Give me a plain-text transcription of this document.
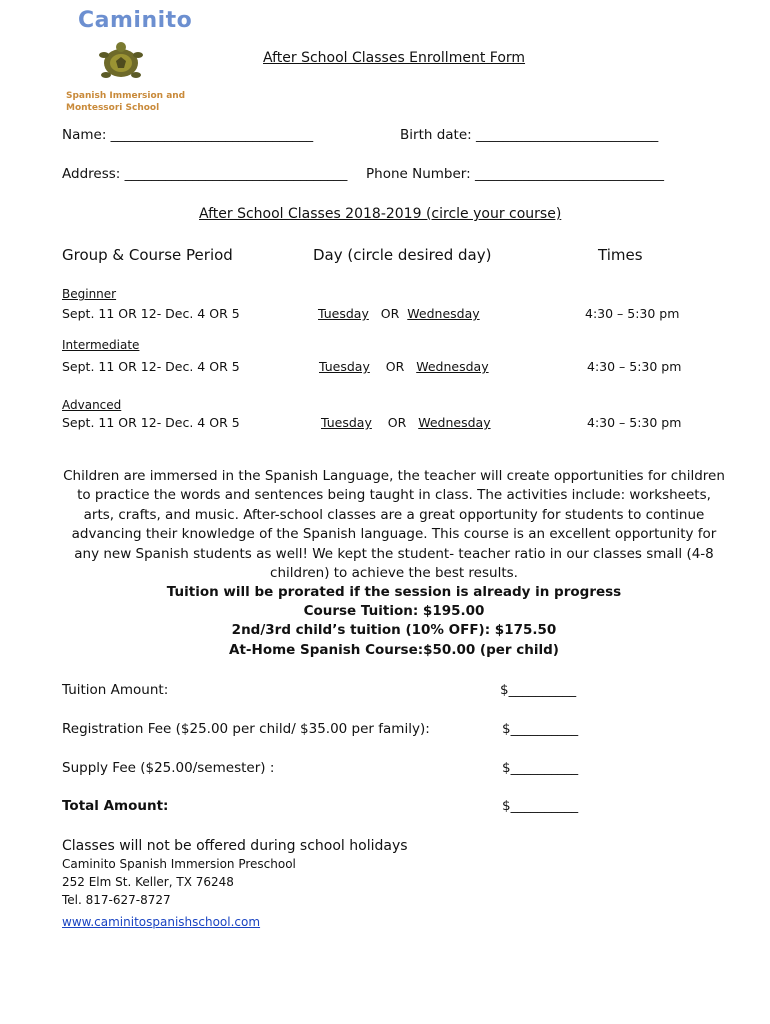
Caminito
Spanish Immersion and
Montessori School
After School Classes Enrollment Form
Name: ______________________________	Birth date: ___________________________
Address: _________________________________ Phone Number: ____________________________
After School Classes 2018-2019 (circle your course)
Group & Course Period	Day (circle desired day)	Times
Beginner
Sept. 11 OR 12- Dec. 4 OR 5	Tuesday OR Wednesday	4:30 – 5:30 pm
Intermediate
Sept. 11 OR 12- Dec. 4 OR 5	Tuesday OR Wednesday	4:30 – 5:30 pm
Advanced
Sept. 11 OR 12- Dec. 4 OR 5	Tuesday OR Wednesday	4:30 – 5:30 pm
Children are immersed in the Spanish Language, the teacher will create opportunities for children to practice the words and sentences being taught in class. The activities include: worksheets, arts, crafts, and music. After-school classes are a great opportunity for students to continue advancing their knowledge of the Spanish language. This course is an excellent opportunity for any new Spanish students as well! We kept the student- teacher ratio in our classes small (4-8 children) to achieve the best results.
Tuition will be prorated if the session is already in progress
Course Tuition: $195.00
2nd/3rd child’s tuition (10% OFF): $175.50
At-Home Spanish Course:$50.00 (per child)
Tuition Amount:	$__________
Registration Fee ($25.00 per child/ $35.00 per family):	$__________
Supply Fee ($25.00/semester) :	$__________
Total Amount:	$__________
Classes will not be offered during school holidays
Caminito Spanish Immersion Preschool
252 Elm St. Keller, TX 76248
Tel. 817-627-8727
www.caminitospanishschool.com
